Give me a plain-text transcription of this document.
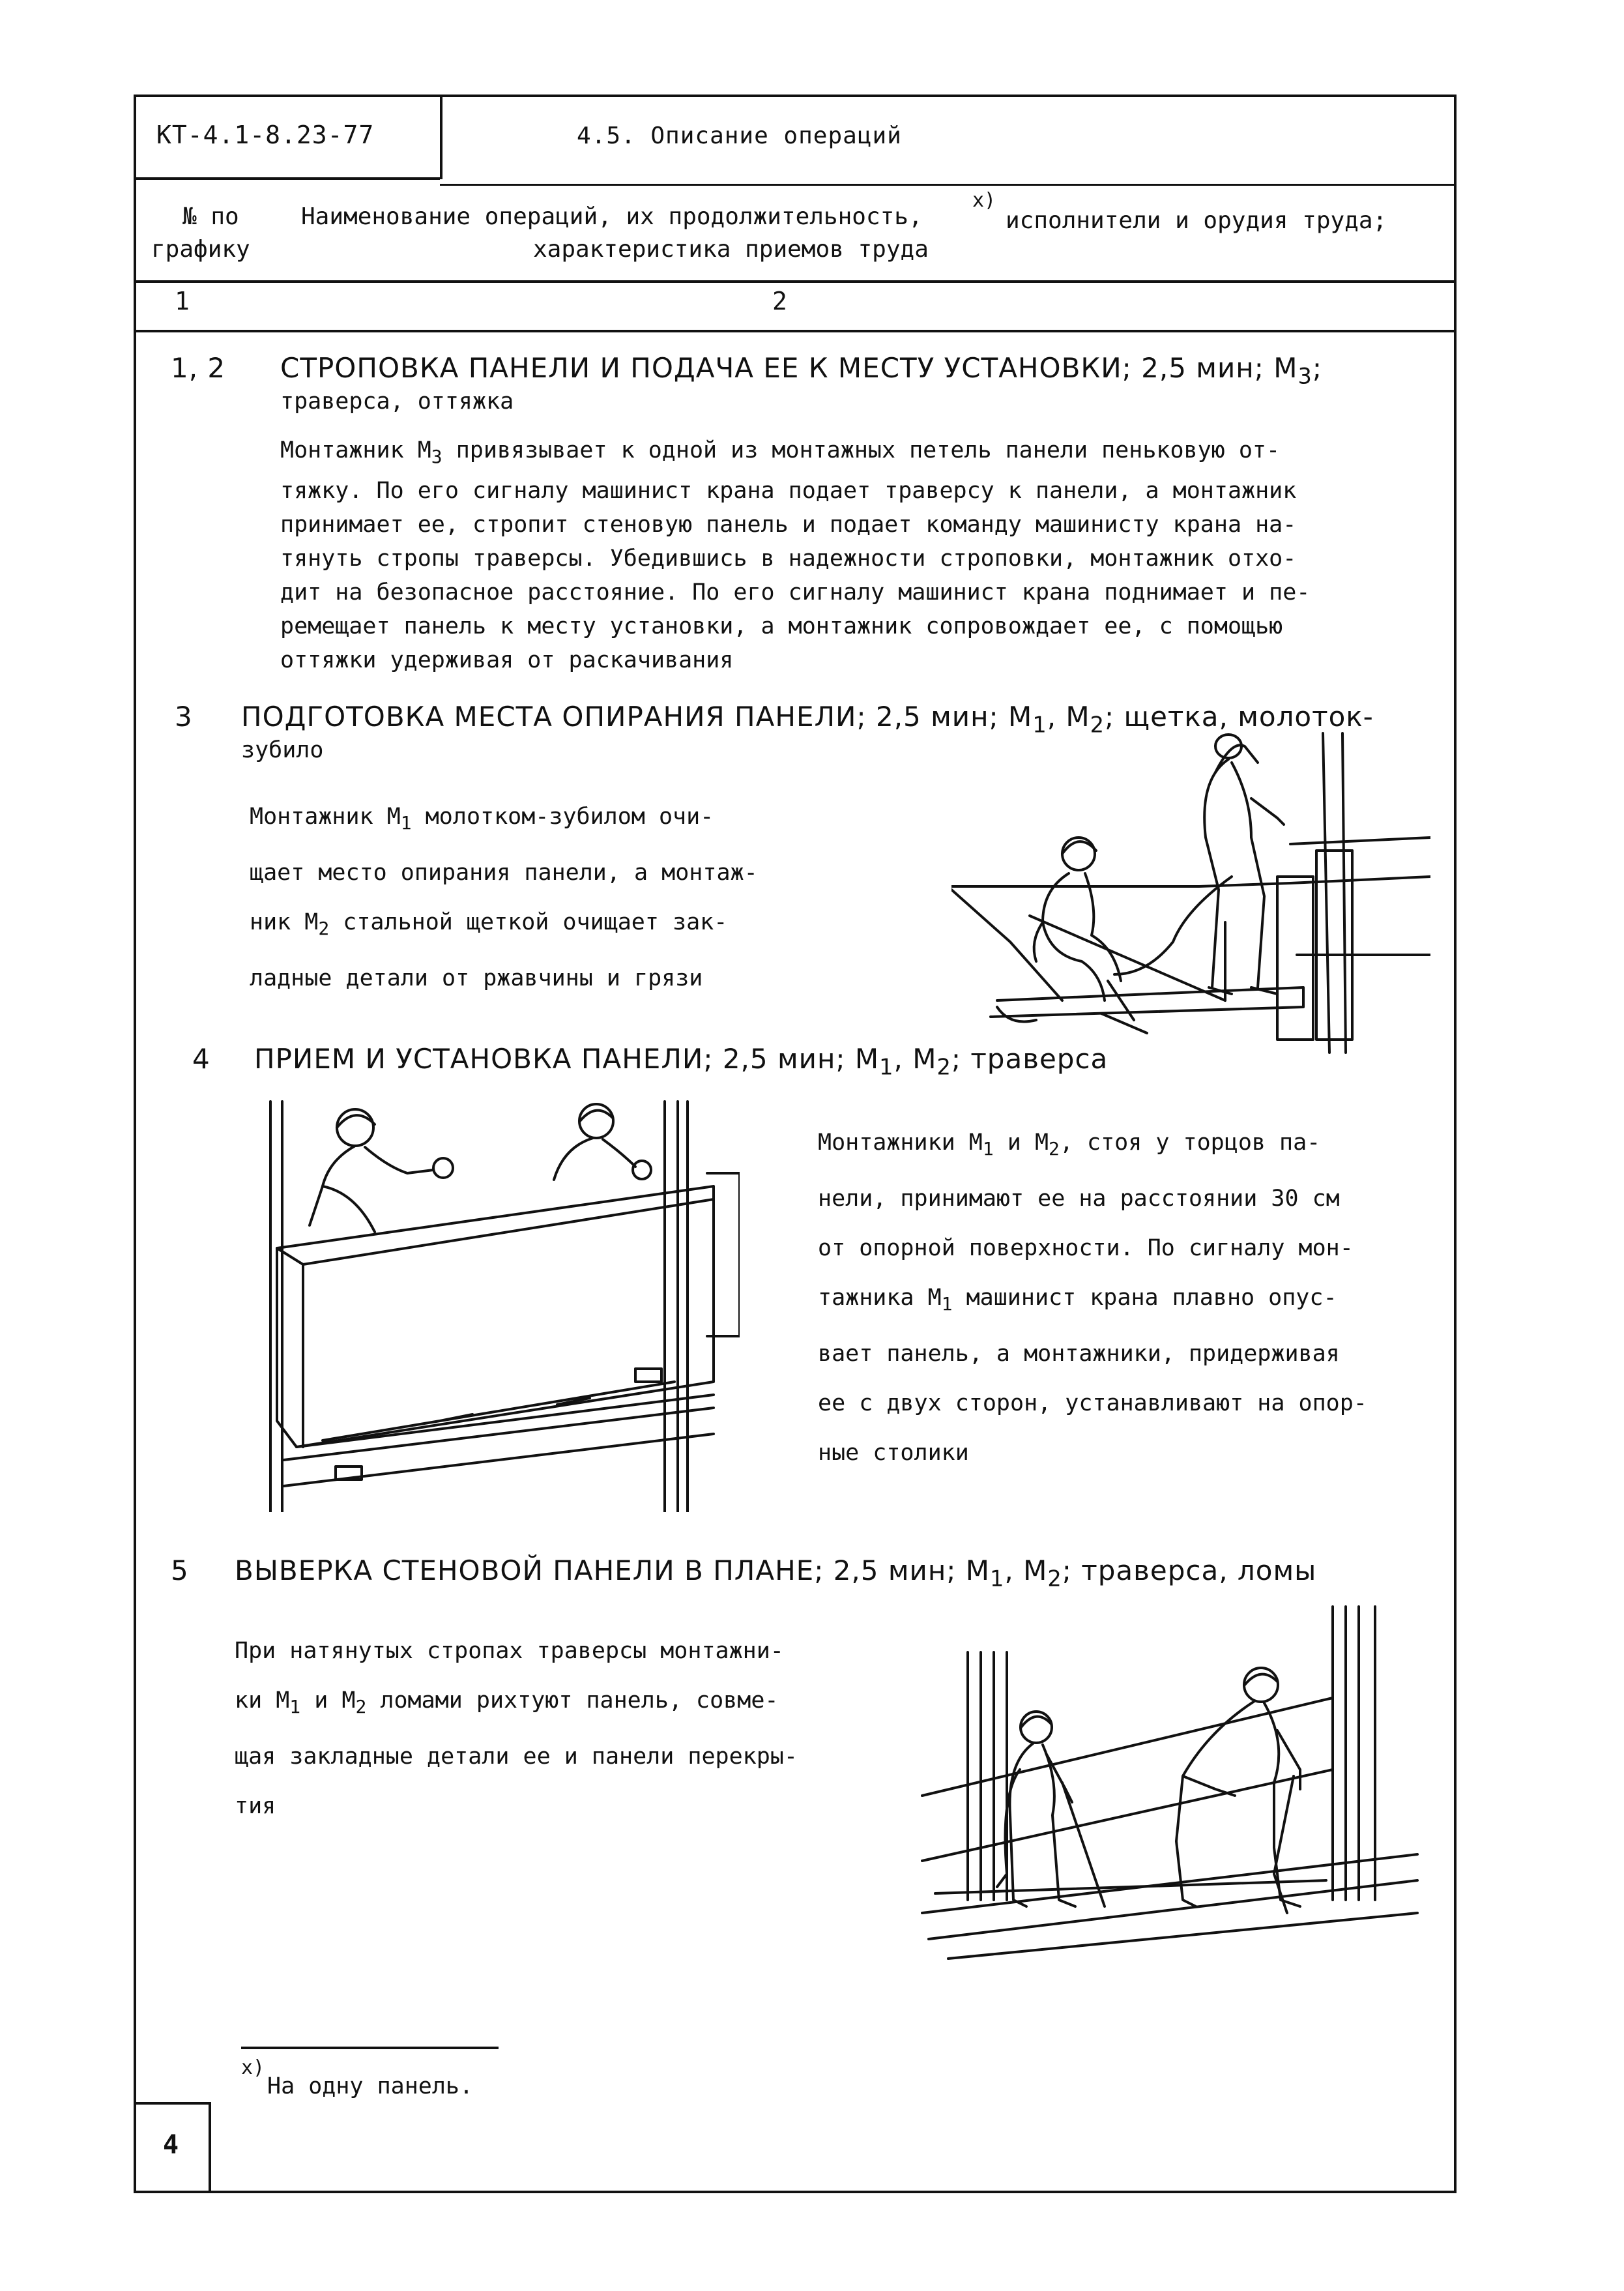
КТ-4.1-8.23-77	4.5. Описание операций
№ по
графику
Наименование операций, их продолжительность,
x)
исполнители и орудия труда;
характеристика приемов труда
1	2
1, 2 СТРОПОВКА ПАНЕЛИ И ПОДАЧА ЕЕ К МЕСТУ УСТАНОВКИ; 2,5 мин; $М_3$;
траверса, оттяжка
Монтажник $М_3$ привязывает к одной из монтажных петель панели пеньковую от-
тяжку. По его сигналу машинист крана подает траверсу к панели, а монтажник
принимает ее, стропит стеновую панель и подает команду машинисту крана на-
тянуть стропы траверсы. Убедившись в надежности строповки, монтажник отхо-
дит на безопасное расстояние. По его сигналу машинист крана поднимает и пе-
ремещает панель к месту установки, а монтажник сопровождает ее, с помощью
оттяжки удерживая от раскачивания
3 ПОДГОТОВКА МЕСТА ОПИРАНИЯ ПАНЕЛИ; 2,5 мин; $М_1$, $М_2$; щетка, молоток-
зубило
Монтажник $М_1$ молотком-зубилом очи-
щает место опирания панели, а монтаж-
ник $М_2$ стальной щеткой очищает зак-
ладные детали от ржавчины и грязи
4 ПРИЕМ И УСТАНОВКА ПАНЕЛИ; 2,5 мин; $М_1$, $М_2$; траверса
Монтажники $М_1$ и $М_2$, стоя у торцов па-
нели, принимают ее на расстоянии 30 см
от опорной поверхности. По сигналу мон-
тажника $М_1$ машинист крана плавно опус-
вает панель, а монтажники, придерживая
ее с двух сторон, устанавливают на опор-
ные столики
5 ВЫВЕРКА СТЕНОВОЙ ПАНЕЛИ В ПЛАНЕ; 2,5 мин; $М_1$, $М_2$; траверса, ломы
При натянутых стропах траверсы монтажни-
ки $М_1$ и $М_2$ ломами рихтуют панель, совме-
щая закладные детали ее и панели перекры-
тия
x)
На одну панель.
4
